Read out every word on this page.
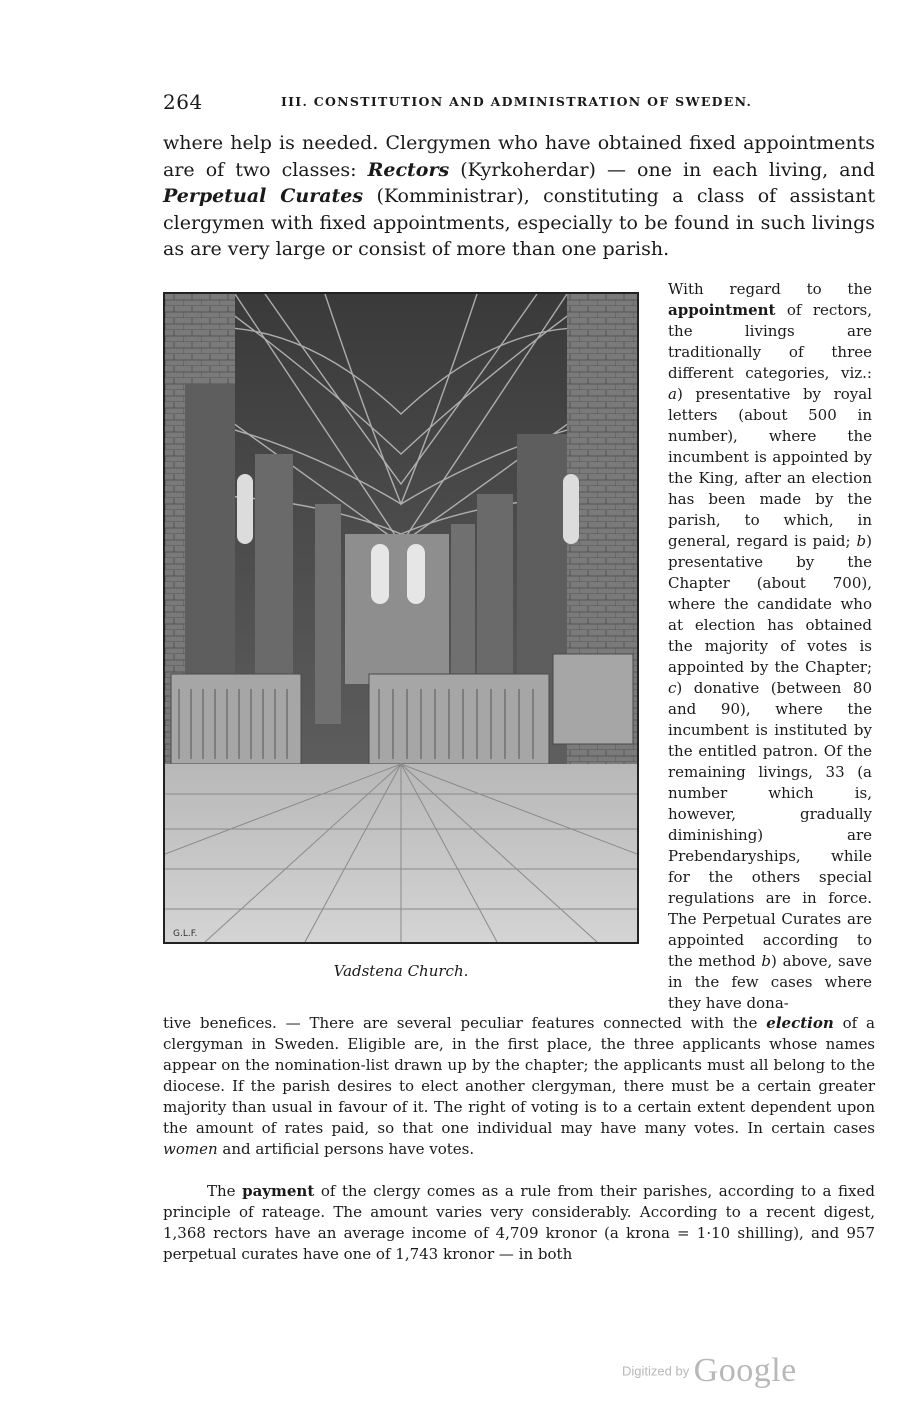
264	III. CONSTITUTION AND ADMINISTRATION OF SWEDEN.

where help is needed. Clergymen who have obtained fixed appointments are of two classes: Rectors (Kyrkoherdar) — one in each living, and Perpetual Curates (Komministrar), constituting a class of assistant clergymen with fixed appointments, especially to be found in such livings as are very large or consist of more than one parish.

G.L.F.

Vadstena Church.

With regard to the appointment of rectors, the livings are traditionally of three different categories, viz.: a) presentative by royal letters (about 500 in number), where the incumbent is appointed by the King, after an election has been made by the parish, to which, in general, regard is paid; b) presentative by the Chapter (about 700), where the candidate who at election has obtained the majority of votes is appointed by the Chapter; c) donative (between 80 and 90), where the incumbent is instituted by the entitled patron. Of the remaining livings, 33 (a number which is, however, gradually diminishing) are Prebendaryships, while for the others special regulations are in force. The Perpetual Curates are appointed according to the method b) above, save in the few cases where they have dona-

tive benefices. — There are several peculiar features connected with the election of a clergyman in Sweden. Eligible are, in the first place, the three applicants whose names appear on the nomination-list drawn up by the chapter; the applicants must all belong to the diocese. If the parish desires to elect another clergyman, there must be a certain greater majority than usual in favour of it. The right of voting is to a certain extent dependent upon the amount of rates paid, so that one individual may have many votes. In certain cases women and artificial persons have votes.

The payment of the clergy comes as a rule from their parishes, according to a fixed principle of rateage. The amount varies very considerably. According to a recent digest, 1,368 rectors have an average income of 4,709 kronor (a krona = 1·10 shilling), and 957 perpetual curates have one of 1,743 kronor — in both

Digitized by Google
